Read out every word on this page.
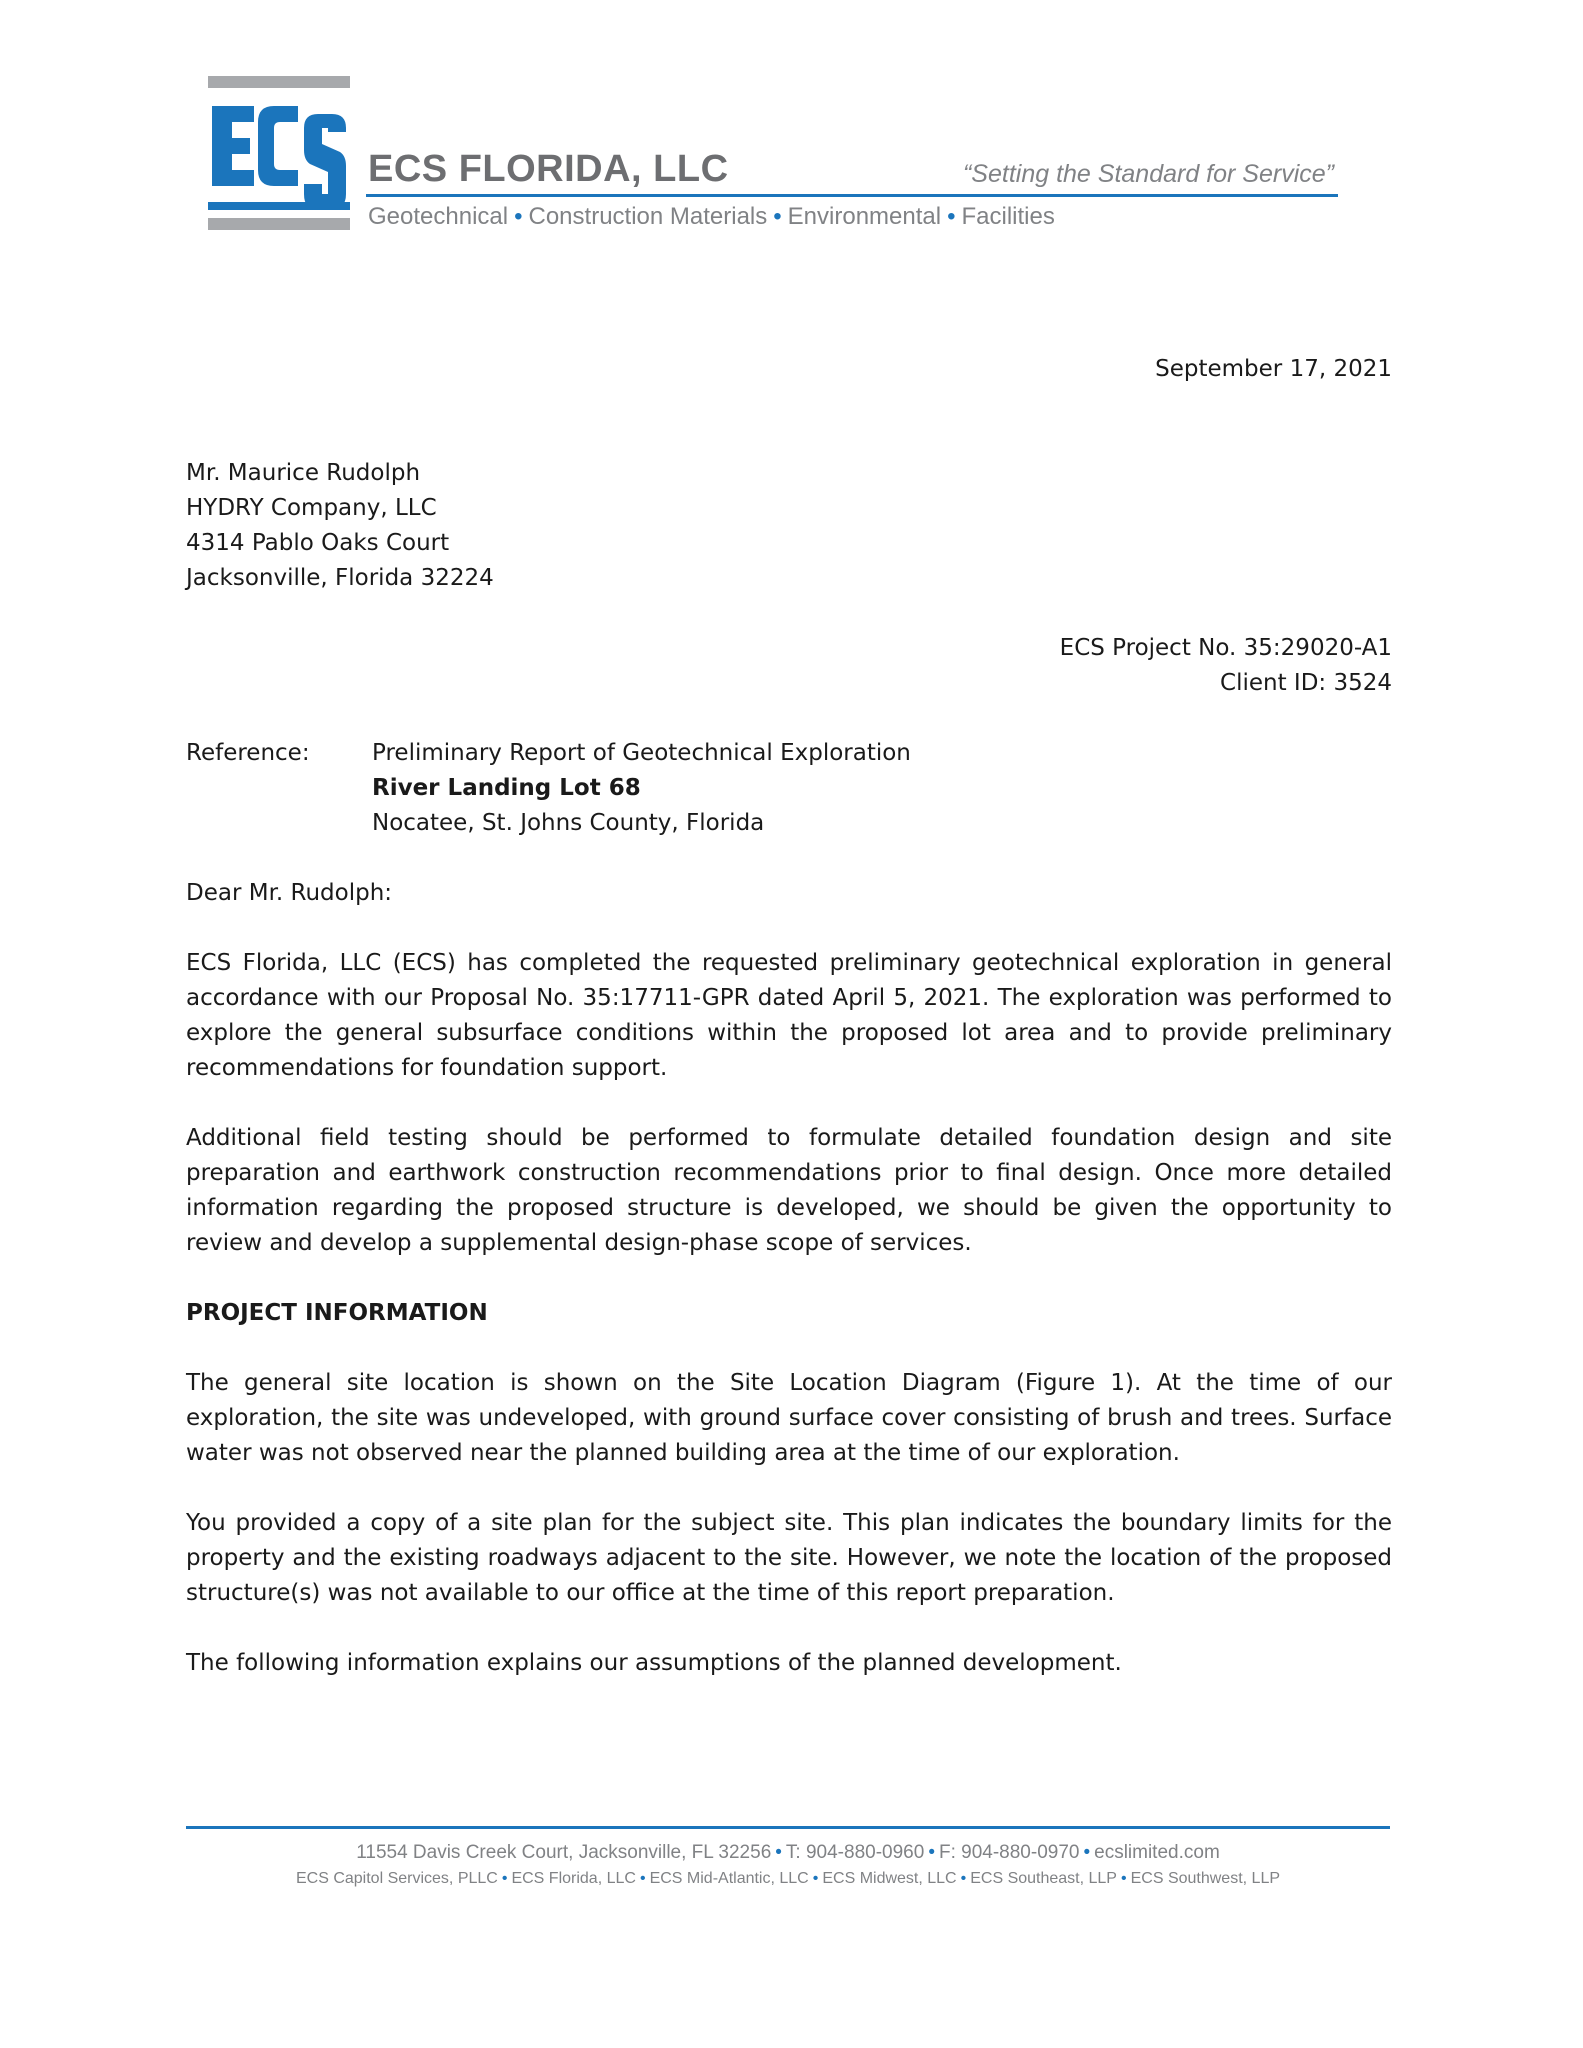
ECS FLORIDA, LLC	“Setting the Standard for Service”
Geotechnical • Construction Materials • Environmental • Facilities
September 17, 2021
Mr. Maurice Rudolph
HYDRY Company, LLC
4314 Pablo Oaks Court
Jacksonville, Florida 32224
ECS Project No. 35:29020-A1
Client ID: 3524
Reference:	Preliminary Report of Geotechnical Exploration
River Landing Lot 68
Nocatee, St. Johns County, Florida
Dear Mr. Rudolph:

ECS Florida, LLC (ECS) has completed the requested preliminary geotechnical exploration in general accordance with our Proposal No. 35:17711-GPR dated April 5, 2021. The exploration was performed to explore the general subsurface conditions within the proposed lot area and to provide preliminary recommendations for foundation support.

Additional field testing should be performed to formulate detailed foundation design and site preparation and earthwork construction recommendations prior to final design. Once more detailed information regarding the proposed structure is developed, we should be given the opportunity to review and develop a supplemental design-phase scope of services.

PROJECT INFORMATION

The general site location is shown on the Site Location Diagram (Figure 1). At the time of our exploration, the site was undeveloped, with ground surface cover consisting of brush and trees. Surface water was not observed near the planned building area at the time of our exploration.

You provided a copy of a site plan for the subject site. This plan indicates the boundary limits for the property and the existing roadways adjacent to the site. However, we note the location of the proposed structure(s) was not available to our office at the time of this report preparation.

The following information explains our assumptions of the planned development.

11554 Davis Creek Court, Jacksonville, FL 32256 • T: 904-880-0960 • F: 904-880-0970 • ecslimited.com
ECS Capitol Services, PLLC • ECS Florida, LLC • ECS Mid-Atlantic, LLC • ECS Midwest, LLC • ECS Southeast, LLP • ECS Southwest, LLP
